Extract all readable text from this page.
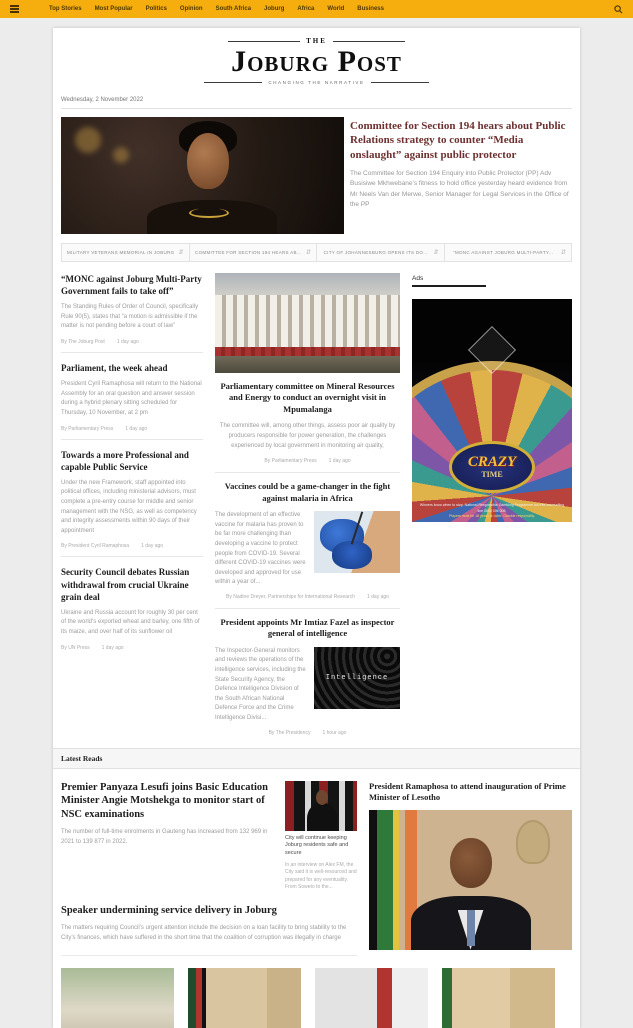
Top Stories Most Popular Politics Opinion South Africa Joburg Africa World Business
THE
Joburg Post
CHANGING THE NARRATIVE
Wednesday, 2 November 2022
Committee for Section 194 hears about Public Relations strategy to counter “Media onslaught” against public protector

The Committee for Section 194 Enquiry into Public Protector (PP) Adv Busisiwe Mkhwebane’s fitness to hold office yesterday heard evidence from Mr Neels Van der Merwe, Senior Manager for Legal Services in the Office of the PP

MILITARY VETERANS MEMORIAL IN JOBURG ⇵	COMMITTEE FOR SECTION 194 HEARS AB... ⇵	CITY OF JOHANNESBURG OPENS ITS DO... ⇵	“MONC AGAINST JOBURG MULTI-PARTY...	⇵
“MONC against Joburg Multi-Party Government fails to take off”

The Standing Rules of Order of Council, specifically Rule 90(5), states that “a motion is admissible if the matter is not pending before a court of law”

By The Joburg Post 1 day ago
Parliament, the week ahead

President Cyril Ramaphosa will return to the National Assembly for an oral question and answer session during a hybrid plenary sitting scheduled for Thursday, 10 November, at 2 pm

By Parliamentary Press 1 day ago
Towards a more Professional and capable Public Service

Under the new Framework, staff appointed into political offices, including ministerial advisors, must complete a pre-entry course for middle and senior management with the NSG, as well as competency and integrity assessments within 90 days of their appointment

By President Cyril Ramaphosa 1 day ago
Security Council debates Russian withdrawal from crucial Ukraine grain deal

Ukraine and Russia account for roughly 30 per cent of the world’s exported wheat and barley, one fifth of its maize, and over half of its sunflower oil

By UN Press 1 day ago
Parliamentary committee on Mineral Resources and Energy to conduct an overnight visit in Mpumalanga

The committee will, among other things, assess poor air quality by producers responsible for power generation, the challenges experienced by local government in monitoring air quality,

By Parliamentary Press 1 day ago
Vaccines could be a game-changer in the fight against malaria in Africa

The development of an effective vaccine for malaria has proven to be far more challenging than developing a vaccine to protect people from COVID-19. Several different COVID-19 vaccines were developed and approved for use within a year of...

By Nadine Dreyer, Partnerships for International Research 1 day ago
President appoints Mr Imtiaz Fazel as inspector general of intelligence

The Inspector-General monitors and reviews the operations of the intelligence services, including the State Security Agency, the Defence Intelligence Division of the South African National Defence Force and the Crime Intelligence Divisi...

Intelligence
By The Presidency 1 hour ago
Ads
CRAZY
TIME
Winners know when to stop. National Responsible Gambling Programme toll-free counselling line 0800 006 008.
Players must be 18 years or older. Gamble responsibly.
Latest Reads
Premier Panyaza Lesufi joins Basic Education Minister Angie Motshekga to monitor start of NSC examinations

The number of full-time enrolments in Gauteng has increased from 132 969 in 2021 to 139 877 in 2022.

City will continue keeping Joburg residents safe and secure
In an interview on Alex FM, the City said it is well-resourced and prepared for any eventuality. From Soweto to the...
Speaker undermining service delivery in Joburg

The matters requiring Council’s urgent attention include the decision on a loan facility to bring stability to the City’s finances, which have suffered in the short time that the coalition of corruption was illegally in charge

President Ramaphosa to attend inauguration of Prime Minister of Lesotho
